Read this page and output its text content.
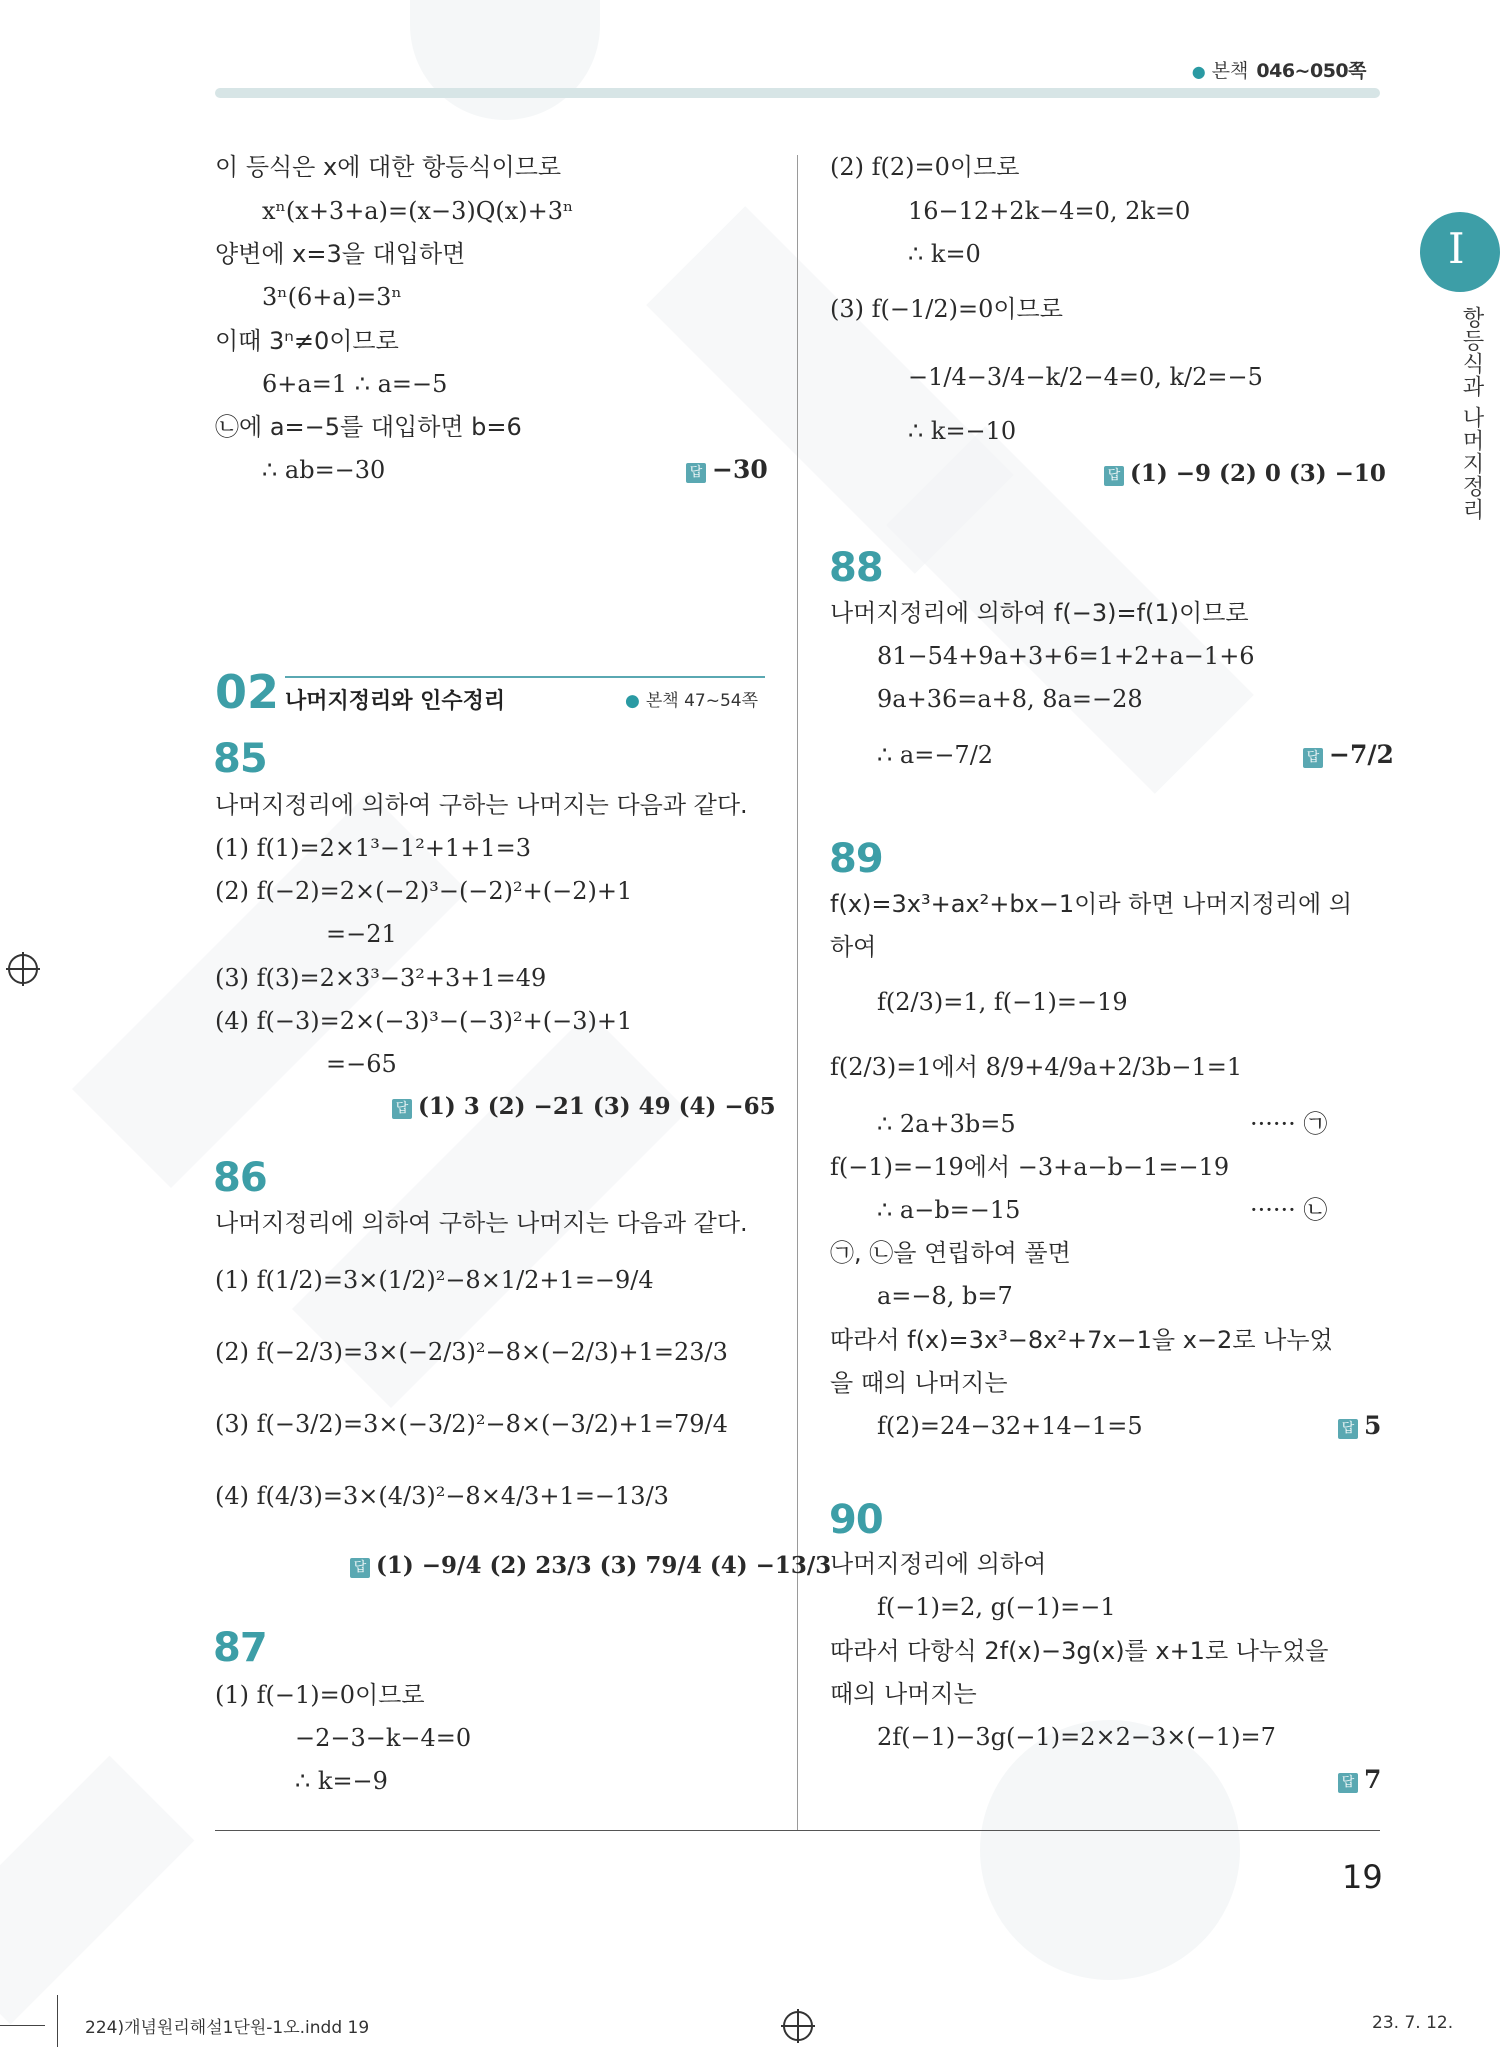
● 본책 046~050쪽
I
항등식과 나머지정리
이 등식은 x에 대한 항등식이므로
xⁿ(x+3+a)=(x−3)Q(x)+3ⁿ
양변에 x=3을 대입하면
3ⁿ(6+a)=3ⁿ
이때 3ⁿ≠0이므로
6+a=1 ∴ a=−5
㉡에 a=−5를 대입하면 b=6
∴ ab=−30	답 −30
02 나머지정리와 인수정리	● 본책 47~54쪽
85
나머지정리에 의하여 구하는 나머지는 다음과 같다.
(1) f(1)=2×1³−1²+1+1=3
(2) f(−2)=2×(−2)³−(−2)²+(−2)+1
=−21
(3) f(3)=2×3³−3²+3+1=49
(4) f(−3)=2×(−3)³−(−3)²+(−3)+1
=−65
답 (1) 3 (2) −21 (3) 49 (4) −65
86
나머지정리에 의하여 구하는 나머지는 다음과 같다.
(1) f(1/2)=3×(1/2)²−8×1/2+1=−9/4
(2) f(−2/3)=3×(−2/3)²−8×(−2/3)+1=23/3
(3) f(−3/2)=3×(−3/2)²−8×(−3/2)+1=79/4
(4) f(4/3)=3×(4/3)²−8×4/3+1=−13/3
답 (1) −9/4 (2) 23/3 (3) 79/4 (4) −13/3
87
(1) f(−1)=0이므로
−2−3−k−4=0
∴ k=−9
(2) f(2)=0이므로
16−12+2k−4=0, 2k=0
∴ k=0
(3) f(−1/2)=0이므로
−1/4−3/4−k/2−4=0, k/2=−5
∴ k=−10
답 (1) −9 (2) 0 (3) −10
88
나머지정리에 의하여 f(−3)=f(1)이므로
81−54+9a+3+6=1+2+a−1+6
9a+36=a+8, 8a=−28
∴ a=−7/2	답 −7/2
89
f(x)=3x³+ax²+bx−1이라 하면 나머지정리에 의
하여
f(2/3)=1, f(−1)=−19
f(2/3)=1에서 8/9+4/9a+2/3b−1=1
∴ 2a+3b=5	······ ㉠
f(−1)=−19에서 −3+a−b−1=−19
∴ a−b=−15	······ ㉡
㉠, ㉡을 연립하여 풀면
a=−8, b=7
따라서 f(x)=3x³−8x²+7x−1을 x−2로 나누었
을 때의 나머지는
f(2)=24−32+14−1=5	답 5
90
나머지정리에 의하여
f(−1)=2, g(−1)=−1
따라서 다항식 2f(x)−3g(x)를 x+1로 나누었을
때의 나머지는
2f(−1)−3g(−1)=2×2−3×(−1)=7
답 7
19
224)개념원리해설1단원-1오.indd 19	23. 7. 12.
